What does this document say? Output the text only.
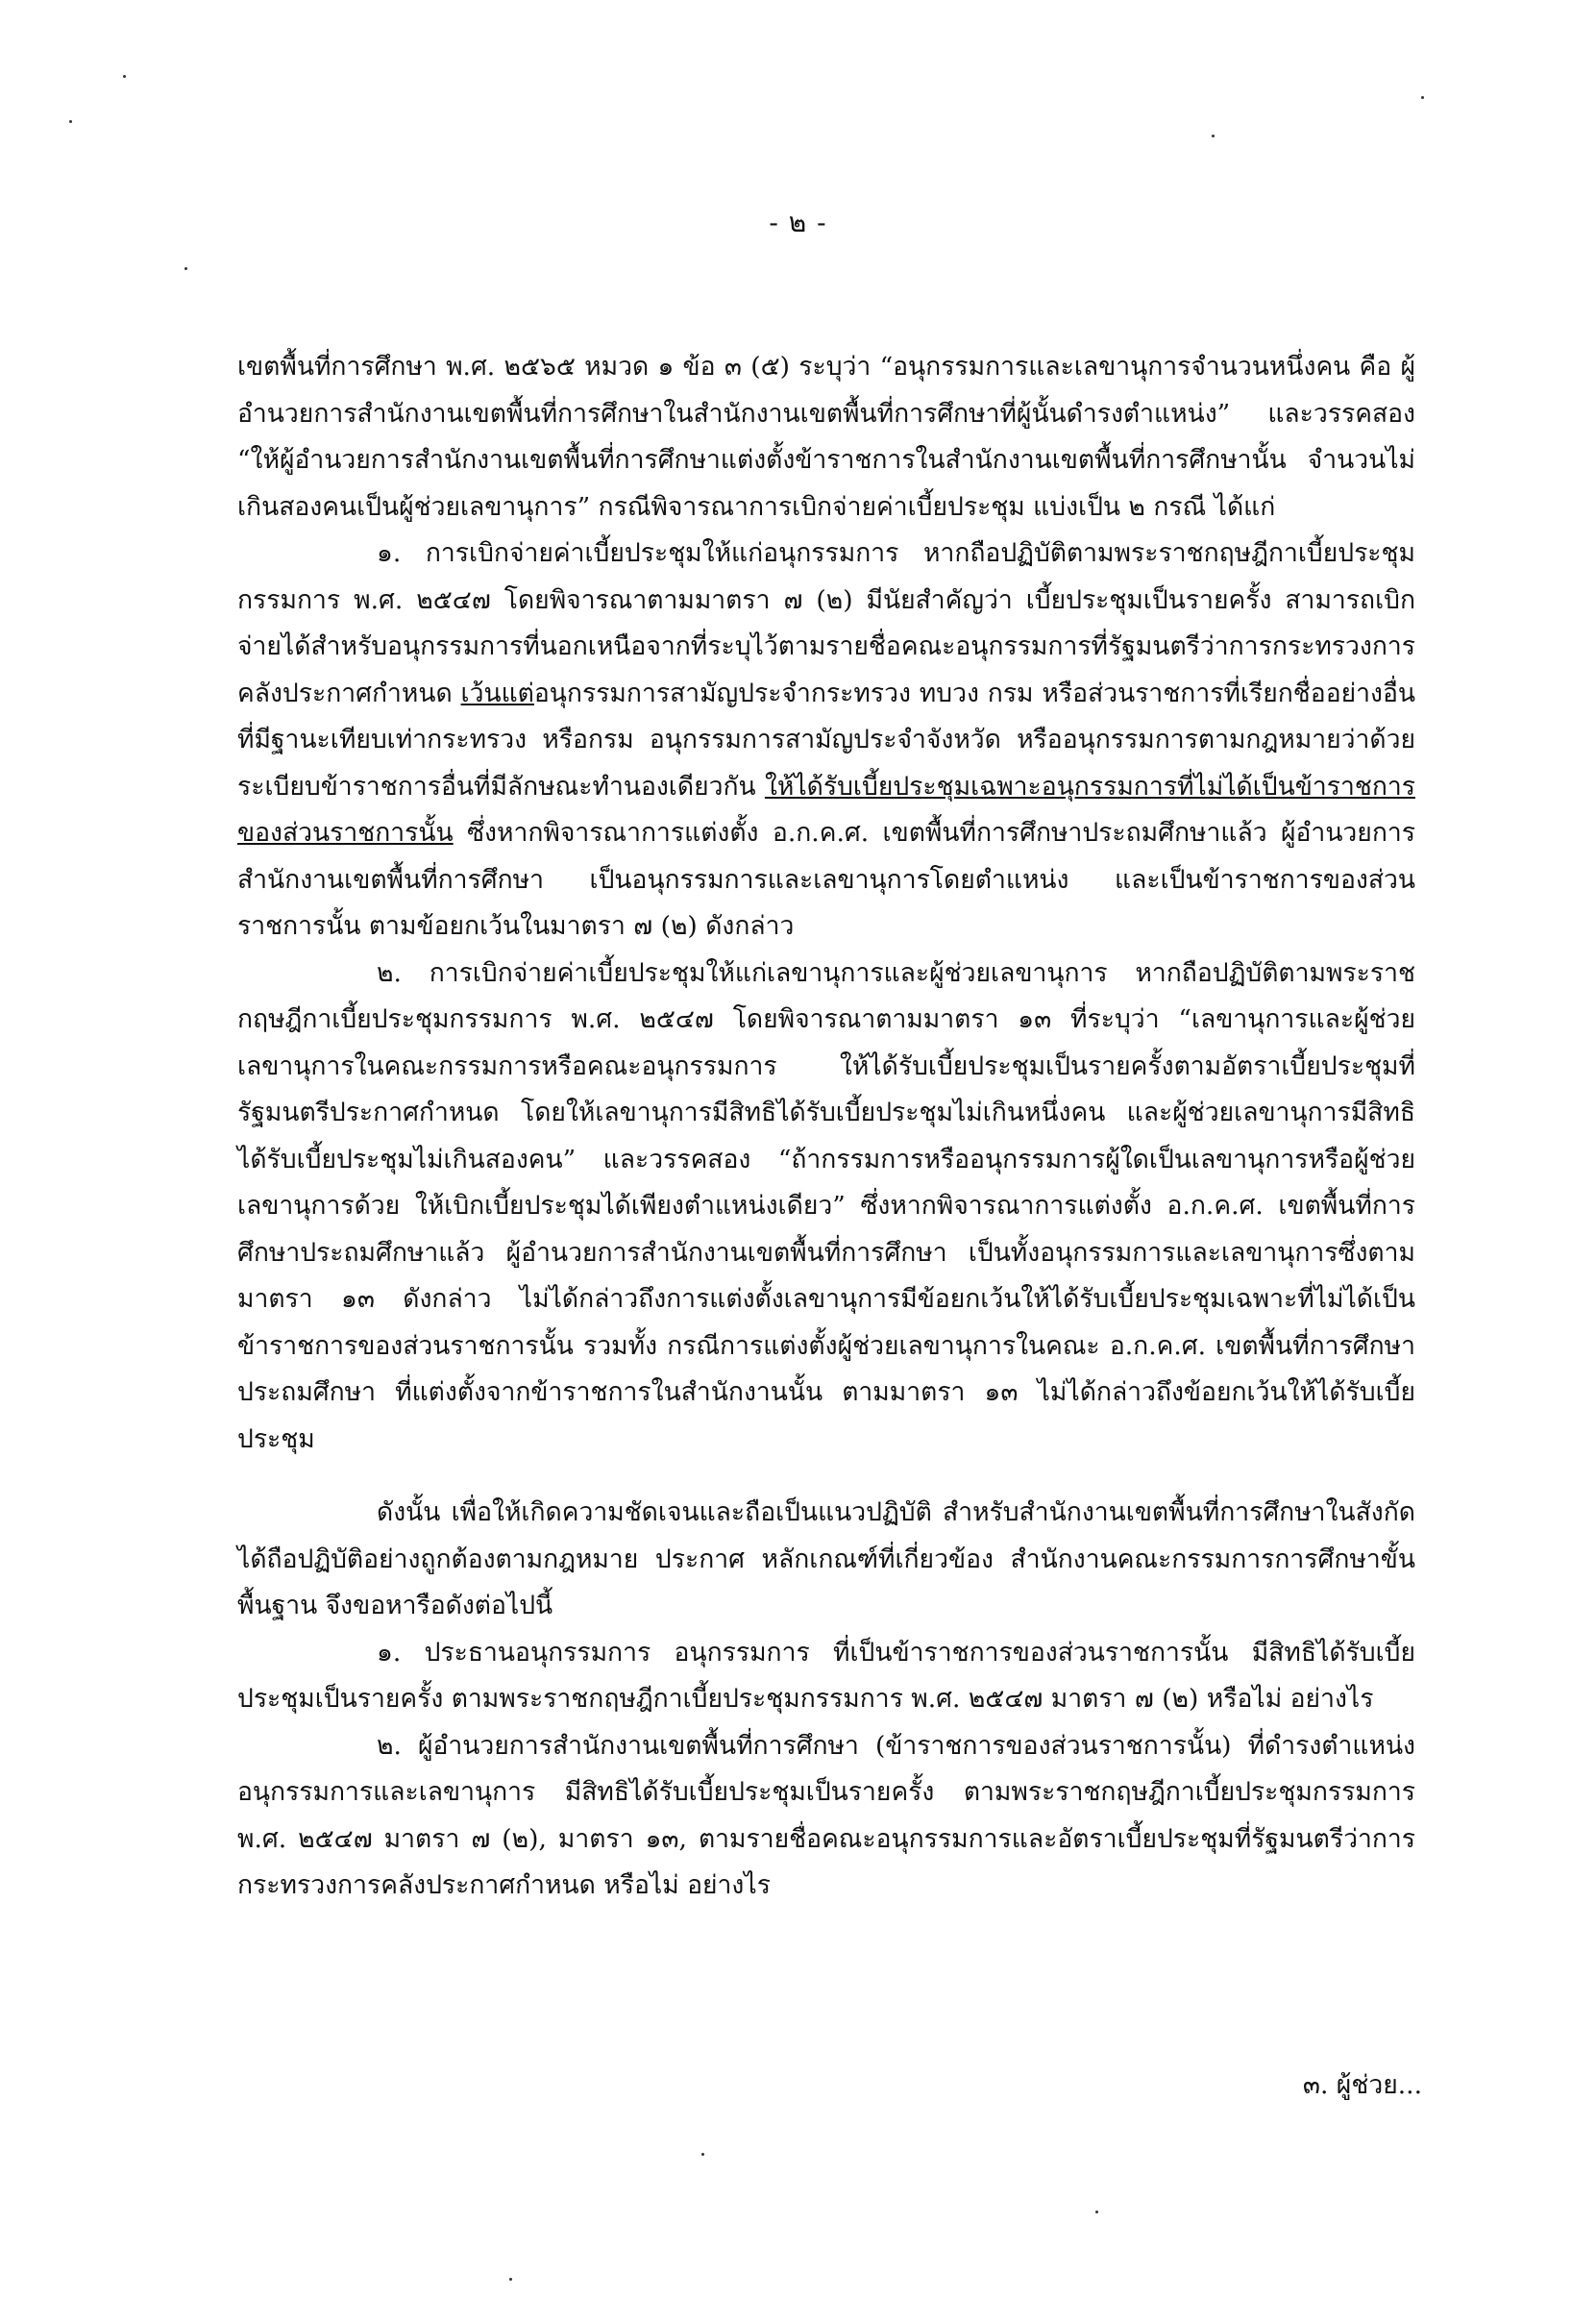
- ๒ -

เขตพื้นที่การศึกษา พ.ศ. ๒๕๖๕ หมวด ๑ ข้อ ๓ (๕) ระบุว่า “อนุกรรมการและเลขานุการจำนวนหนึ่งคน คือ ผู้อำนวยการสำนักงานเขตพื้นที่การศึกษาในสำนักงานเขตพื้นที่การศึกษาที่ผู้นั้นดำรงตำแหน่ง” และวรรคสอง “ให้ผู้อำนวยการสำนักงานเขตพื้นที่การศึกษาแต่งตั้งข้าราชการในสำนักงานเขตพื้นที่การศึกษานั้น จำนวนไม่เกินสองคนเป็นผู้ช่วยเลขานุการ” กรณีพิจารณาการเบิกจ่ายค่าเบี้ยประชุม แบ่งเป็น ๒ กรณี ได้แก่

๑. การเบิกจ่ายค่าเบี้ยประชุมให้แก่อนุกรรมการ หากถือปฏิบัติตามพระราชกฤษฎีกาเบี้ยประชุมกรรมการ พ.ศ. ๒๕๔๗ โดยพิจารณาตามมาตรา ๗ (๒) มีนัยสำคัญว่า เบี้ยประชุมเป็นรายครั้ง สามารถเบิกจ่ายได้สำหรับอนุกรรมการที่นอกเหนือจากที่ระบุไว้ตามรายชื่อคณะอนุกรรมการที่รัฐมนตรีว่าการกระทรวงการคลังประกาศกำหนด เว้นแต่อนุกรรมการสามัญประจำกระทรวง ทบวง กรม หรือส่วนราชการที่เรียกชื่ออย่างอื่นที่มีฐานะเทียบเท่ากระทรวง หรือกรม อนุกรรมการสามัญประจำจังหวัด หรืออนุกรรมการตามกฎหมายว่าด้วยระเบียบข้าราชการอื่นที่มีลักษณะทำนองเดียวกัน ให้ได้รับเบี้ยประชุมเฉพาะอนุกรรมการที่ไม่ได้เป็นข้าราชการของส่วนราชการนั้น ซึ่งหากพิจารณาการแต่งตั้ง อ.ก.ค.ศ. เขตพื้นที่การศึกษาประถมศึกษาแล้ว ผู้อำนวยการสำนักงานเขตพื้นที่การศึกษา เป็นอนุกรรมการและเลขานุการโดยตำแหน่ง และเป็นข้าราชการของส่วนราชการนั้น ตามข้อยกเว้นในมาตรา ๗ (๒) ดังกล่าว

๒. การเบิกจ่ายค่าเบี้ยประชุมให้แก่เลขานุการและผู้ช่วยเลขานุการ หากถือปฏิบัติตามพระราชกฤษฎีกาเบี้ยประชุมกรรมการ พ.ศ. ๒๕๔๗ โดยพิจารณาตามมาตรา ๑๓ ที่ระบุว่า “เลขานุการและผู้ช่วยเลขานุการในคณะกรรมการหรือคณะอนุกรรมการ ให้ได้รับเบี้ยประชุมเป็นรายครั้งตามอัตราเบี้ยประชุมที่รัฐมนตรีประกาศกำหนด โดยให้เลขานุการมีสิทธิได้รับเบี้ยประชุมไม่เกินหนึ่งคน และผู้ช่วยเลขานุการมีสิทธิได้รับเบี้ยประชุมไม่เกินสองคน” และวรรคสอง “ถ้ากรรมการหรืออนุกรรมการผู้ใดเป็นเลขานุการหรือผู้ช่วยเลขานุการด้วย ให้เบิกเบี้ยประชุมได้เพียงตำแหน่งเดียว” ซึ่งหากพิจารณาการแต่งตั้ง อ.ก.ค.ศ. เขตพื้นที่การศึกษาประถมศึกษาแล้ว ผู้อำนวยการสำนักงานเขตพื้นที่การศึกษา เป็นทั้งอนุกรรมการและเลขานุการซึ่งตามมาตรา ๑๓ ดังกล่าว ไม่ได้กล่าวถึงการแต่งตั้งเลขานุการมีข้อยกเว้นให้ได้รับเบี้ยประชุมเฉพาะที่ไม่ได้เป็นข้าราชการของส่วนราชการนั้น รวมทั้ง กรณีการแต่งตั้งผู้ช่วยเลขานุการในคณะ อ.ก.ค.ศ. เขตพื้นที่การศึกษาประถมศึกษา ที่แต่งตั้งจากข้าราชการในสำนักงานนั้น ตามมาตรา ๑๓ ไม่ได้กล่าวถึงข้อยกเว้นให้ได้รับเบี้ยประชุม

ดังนั้น เพื่อให้เกิดความชัดเจนและถือเป็นแนวปฏิบัติ สำหรับสำนักงานเขตพื้นที่การศึกษาในสังกัด ได้ถือปฏิบัติอย่างถูกต้องตามกฎหมาย ประกาศ หลักเกณฑ์ที่เกี่ยวข้อง สำนักงานคณะกรรมการการศึกษาขั้นพื้นฐาน จึงขอหารือดังต่อไปนี้

๑. ประธานอนุกรรมการ อนุกรรมการ ที่เป็นข้าราชการของส่วนราชการนั้น มีสิทธิได้รับเบี้ยประชุมเป็นรายครั้ง ตามพระราชกฤษฎีกาเบี้ยประชุมกรรมการ พ.ศ. ๒๕๔๗ มาตรา ๗ (๒) หรือไม่ อย่างไร

๒. ผู้อำนวยการสำนักงานเขตพื้นที่การศึกษา (ข้าราชการของส่วนราชการนั้น) ที่ดำรงตำแหน่งอนุกรรมการและเลขานุการ มีสิทธิได้รับเบี้ยประชุมเป็นรายครั้ง ตามพระราชกฤษฎีกาเบี้ยประชุมกรรมการ พ.ศ. ๒๕๔๗ มาตรา ๗ (๒), มาตรา ๑๓, ตามรายชื่อคณะอนุกรรมการและอัตราเบี้ยประชุมที่รัฐมนตรีว่าการกระทรวงการคลังประกาศกำหนด หรือไม่ อย่างไร

๓. ผู้ช่วย...
